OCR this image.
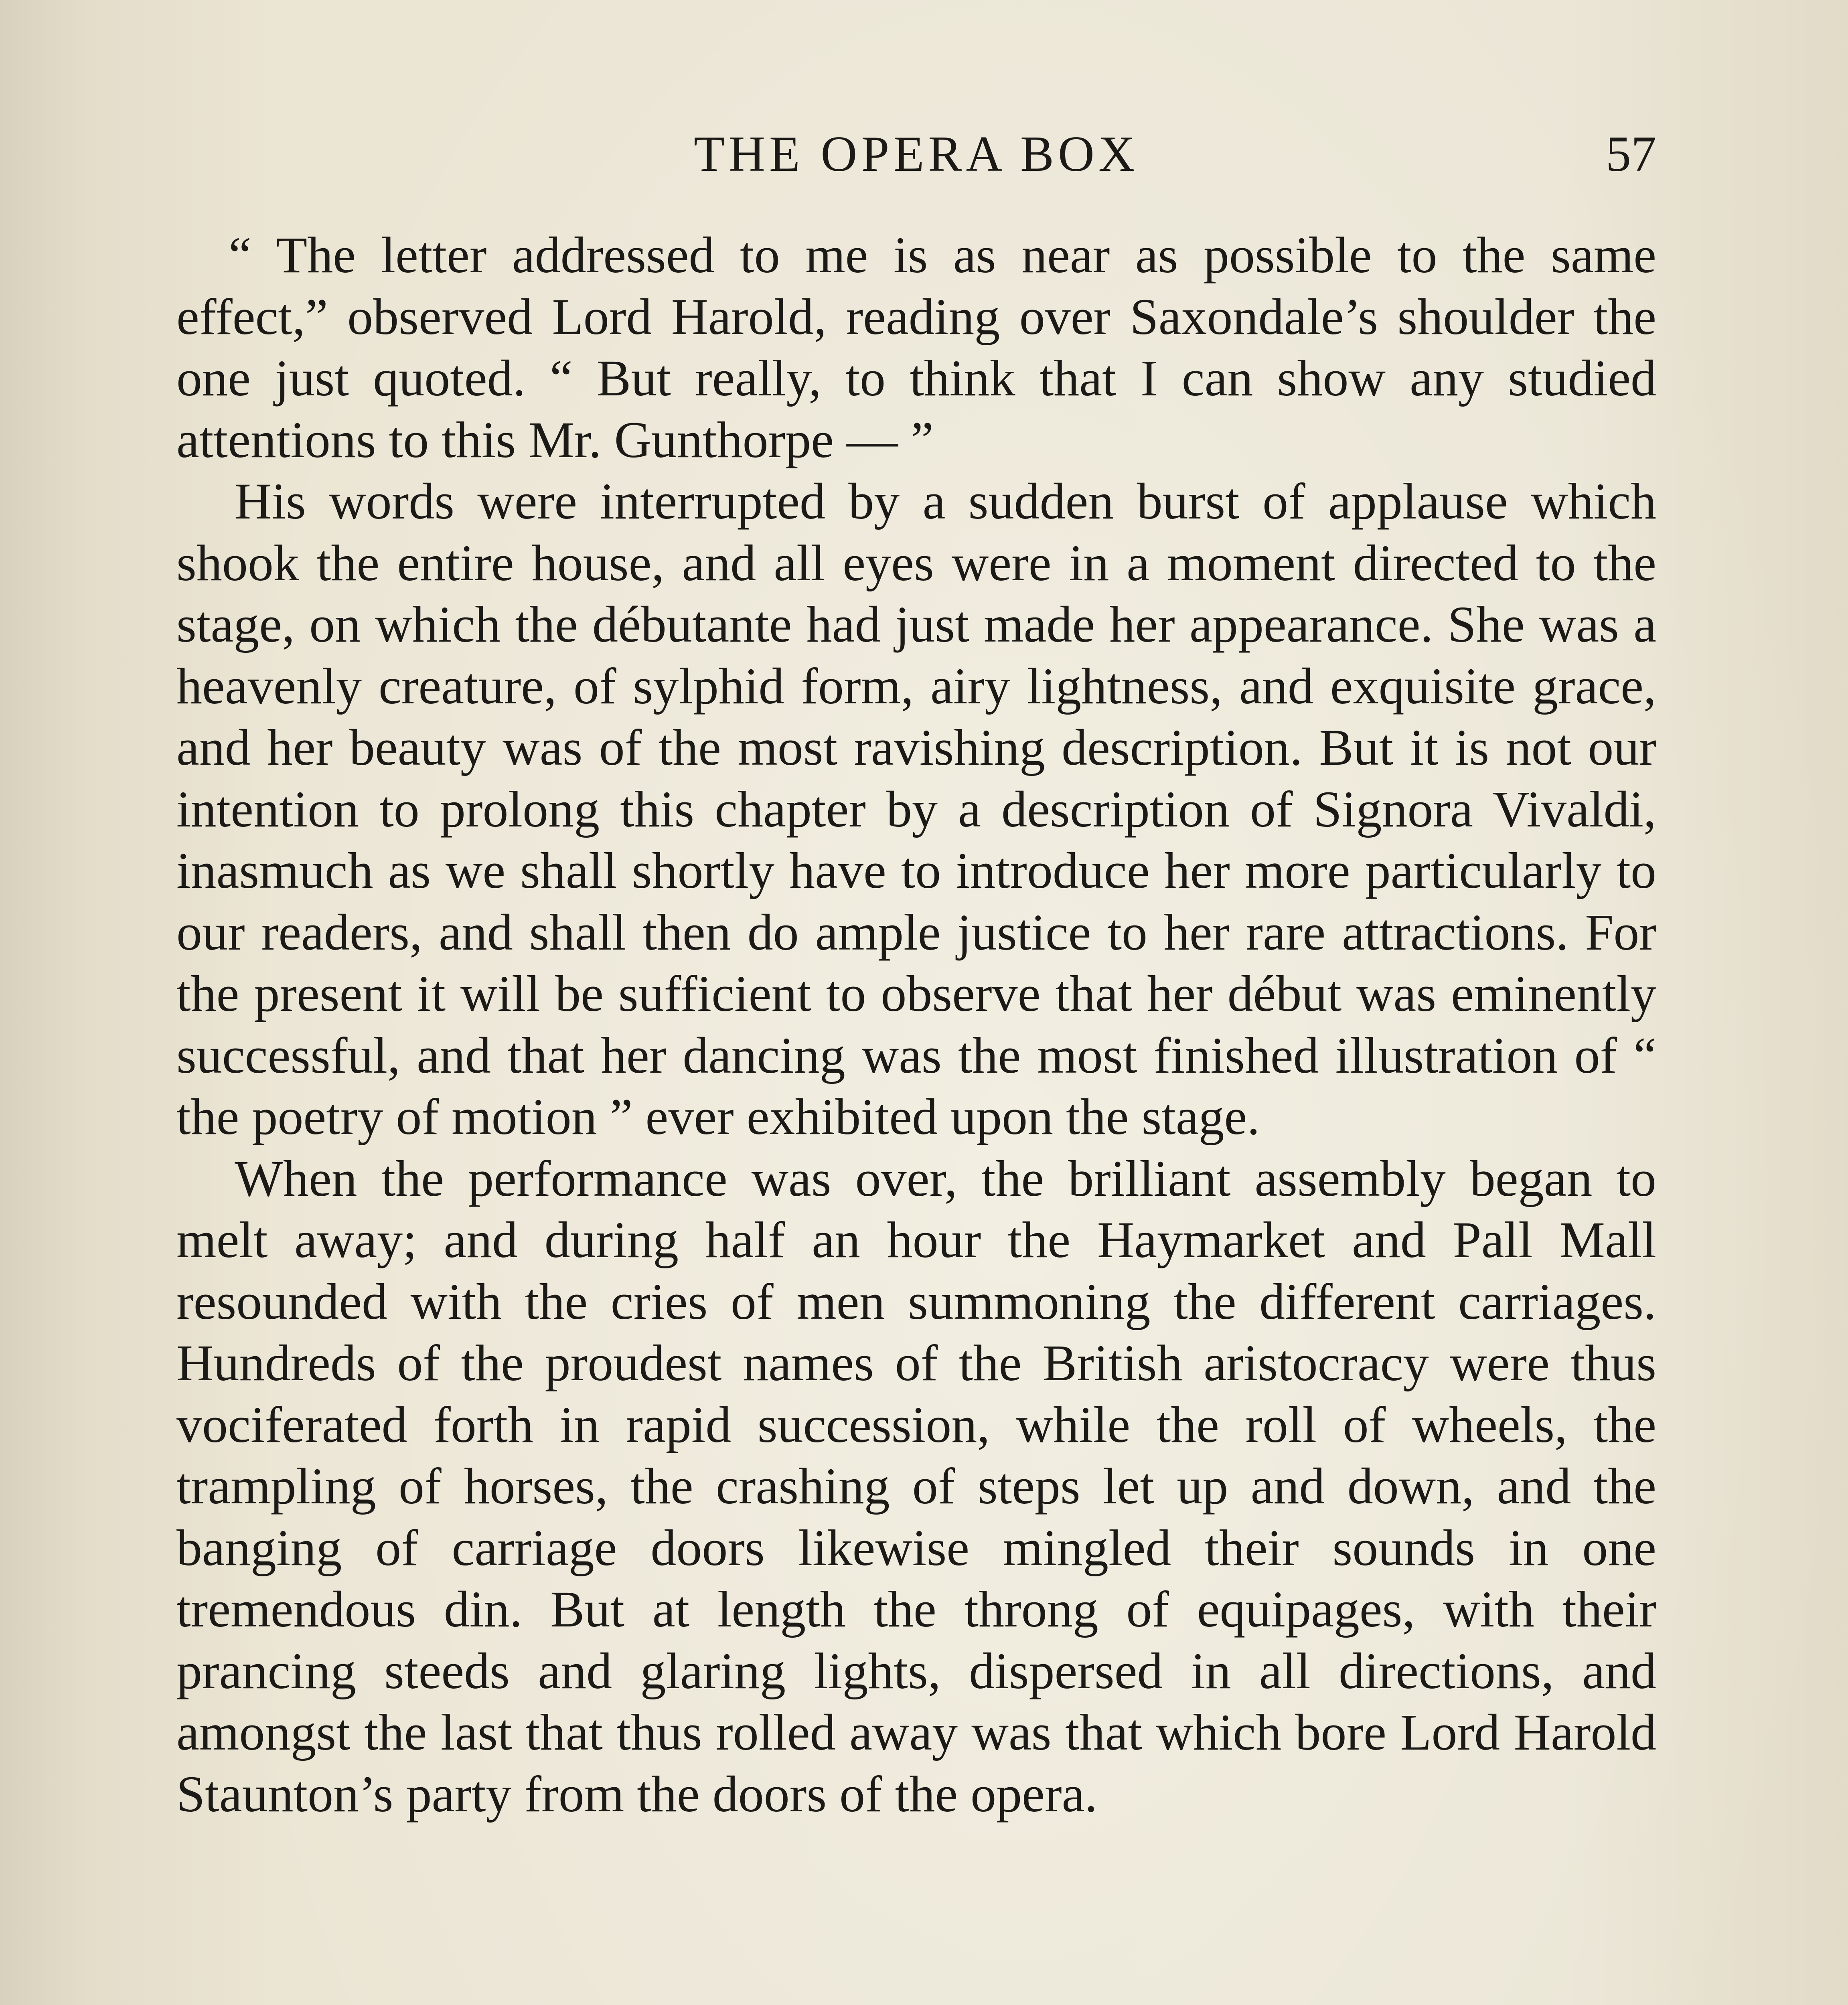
THE OPERA BOX	57

“ The letter addressed to me is as near as possible to the same effect,” observed Lord Harold, reading over Saxondale’s shoulder the one just quoted. “ But really, to think that I can show any studied attentions to this Mr. Gunthorpe — ”

His words were interrupted by a sudden burst of applause which shook the entire house, and all eyes were in a moment directed to the stage, on which the débutante had just made her appearance. She was a heavenly creature, of sylphid form, airy lightness, and exquisite grace, and her beauty was of the most ravishing description. But it is not our intention to prolong this chapter by a description of Signora Vivaldi, inasmuch as we shall shortly have to introduce her more particularly to our readers, and shall then do ample justice to her rare attractions. For the present it will be sufficient to observe that her début was eminently successful, and that her dancing was the most finished illustration of “ the poetry of motion ” ever exhibited upon the stage.

When the performance was over, the brilliant assembly began to melt away; and during half an hour the Haymarket and Pall Mall resounded with the cries of men summoning the different carriages. Hundreds of the proudest names of the British aristocracy were thus vociferated forth in rapid succession, while the roll of wheels, the trampling of horses, the crashing of steps let up and down, and the banging of carriage doors likewise mingled their sounds in one tremendous din. But at length the throng of equipages, with their prancing steeds and glaring lights, dispersed in all directions, and amongst the last that thus rolled away was that which bore Lord Harold Staunton’s party from the doors of the opera.
